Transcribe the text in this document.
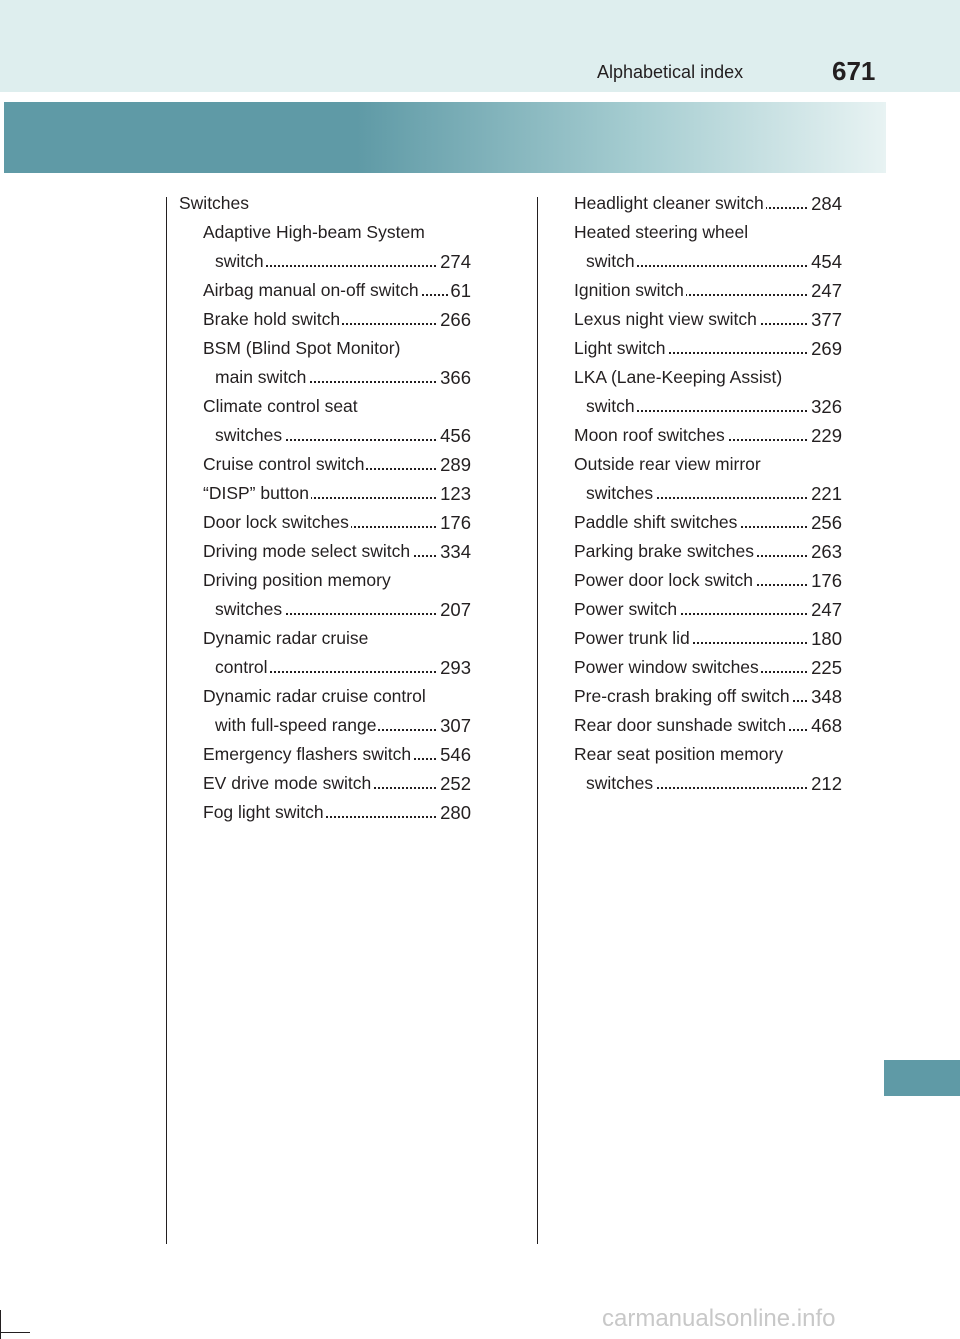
Alphabetical index	671
Switches
Adaptive High-beam System
switch	274
Airbag manual on-off switch 61
Brake hold switch	266
BSM (Blind Spot Monitor)
main switch	366
Climate control seat
switches	456
Cruise control switch	289
“DISP” button	123
Door lock switches	176
Driving mode select switch 334
Driving position memory
switches	207
Dynamic radar cruise
control	293
Dynamic radar cruise control
with full-speed range	307
Emergency flashers switch 546
EV drive mode switch	252
Fog light switch	280
Headlight cleaner switch	284
Heated steering wheel
switch	454
Ignition switch	247
Lexus night view switch	377
Light switch	269
LKA (Lane-Keeping Assist)
switch	326
Moon roof switches	229
Outside rear view mirror
switches	221
Paddle shift switches	256
Parking brake switches	263
Power door lock switch	176
Power switch	247
Power trunk lid	180
Power window switches	225
Pre-crash braking off switch 348
Rear door sunshade switch 468
Rear seat position memory
switches	212
carmanualsonline.info
